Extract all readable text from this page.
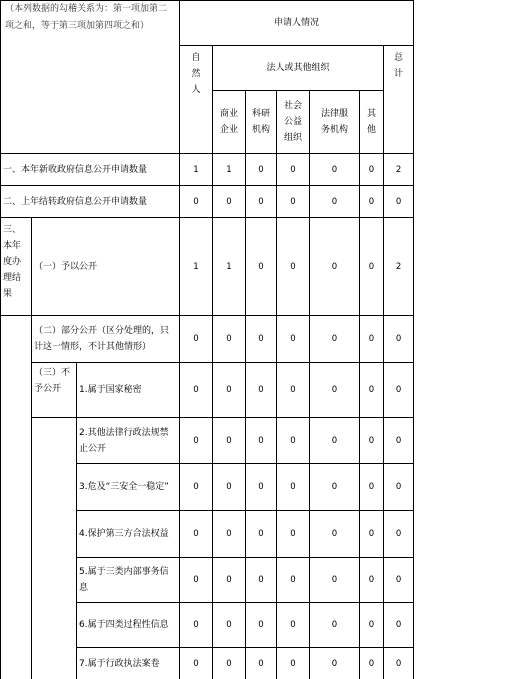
（本列数据的勾稽关系为：第一项加第二项之和，等于第三项加第四项之和）			申请人情况						

			自然人	法人或其他组织					总计

				商业企业	科研机构	社会公益组织	法律服务机构	其他	

一、本年新收政府信息公开申请数量			1	1	0	0	0	0	2
二、上年结转政府信息公开申请数量			0	0	0	0	0	0	0

三、本年度办理结果	（一）予以公开		1	1	0	0	0	0	2
	（二）部分公开（区分处理的，只计这一情形，不计其他情形）		0	0	0	0	0	0	0

	（三）不予公开	1.属于国家秘密	0	0	0	0	0	0	0
		2.其他法律行政法规禁止公开	0	0	0	0	0	0	0
		3.危及“三安全一稳定”	0	0	0	0	0	0	0
		4.保护第三方合法权益	0	0	0	0	0	0	0
		5.属于三类内部事务信息	0	0	0	0	0	0	0
		6.属于四类过程性信息	0	0	0	0	0	0	0
		7.属于行政执法案卷	0	0	0	0	0	0	0
